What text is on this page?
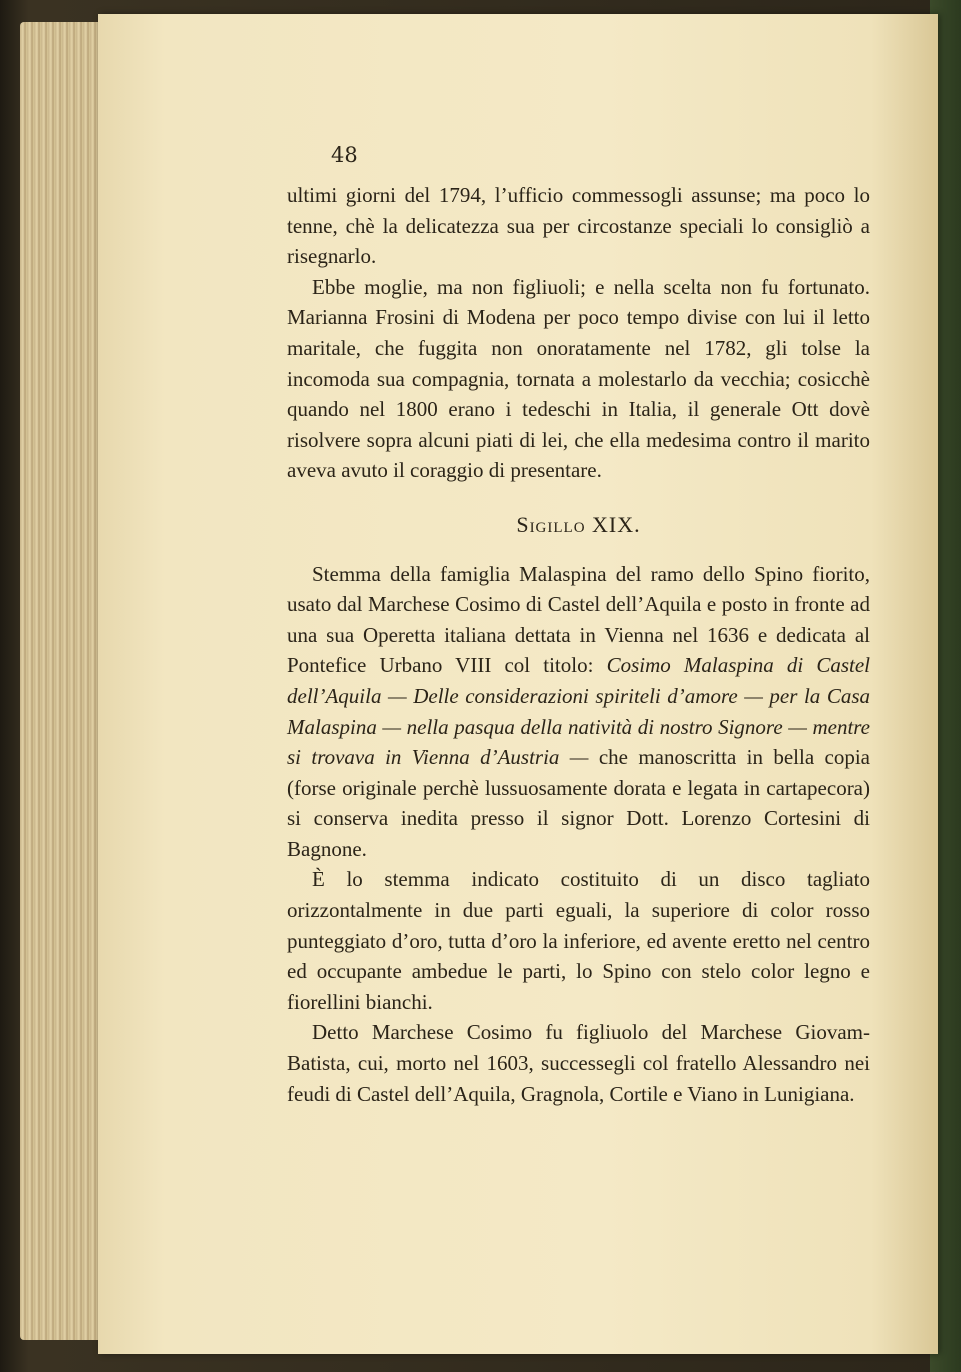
48

ultimi giorni del 1794, l’ufficio commessogli assunse; ma poco lo tenne, chè la delicatezza sua per circostanze speciali lo consigliò a risegnarlo.

Ebbe moglie, ma non figliuoli; e nella scelta non fu fortunato. Marianna Frosini di Modena per poco tempo divise con lui il letto maritale, che fuggita non onoratamente nel 1782, gli tolse la incomoda sua compagnia, tornata a molestarlo da vecchia; cosicchè quando nel 1800 erano i tedeschi in Italia, il generale Ott dovè risolvere sopra alcuni piati di lei, che ella medesima contro il marito aveva avuto il coraggio di presentare.

Sigillo XIX.

Stemma della famiglia Malaspina del ramo dello Spino fiorito, usato dal Marchese Cosimo di Castel dell’Aquila e posto in fronte ad una sua Operetta italiana dettata in Vienna nel 1636 e dedicata al Pontefice Urbano VIII col titolo: Cosimo Malaspina di Castel dell’Aquila — Delle considerazioni spiriteli d’amore — per la Casa Malaspina — nella pasqua della natività di nostro Signore — mentre si trovava in Vienna d’Austria — che manoscritta in bella copia (forse originale perchè lussuosamente dorata e legata in cartapecora) si conserva inedita presso il signor Dott. Lorenzo Cortesini di Bagnone.

È lo stemma indicato costituito di un disco tagliato orizzontalmente in due parti eguali, la superiore di color rosso punteggiato d’oro, tutta d’oro la inferiore, ed avente eretto nel centro ed occupante ambedue le parti, lo Spino con stelo color legno e fiorellini bianchi.

Detto Marchese Cosimo fu figliuolo del Marchese Giovam-Batista, cui, morto nel 1603, successegli col fratello Alessandro nei feudi di Castel dell’Aquila, Gragnola, Cortile e Viano in Lunigiana.
